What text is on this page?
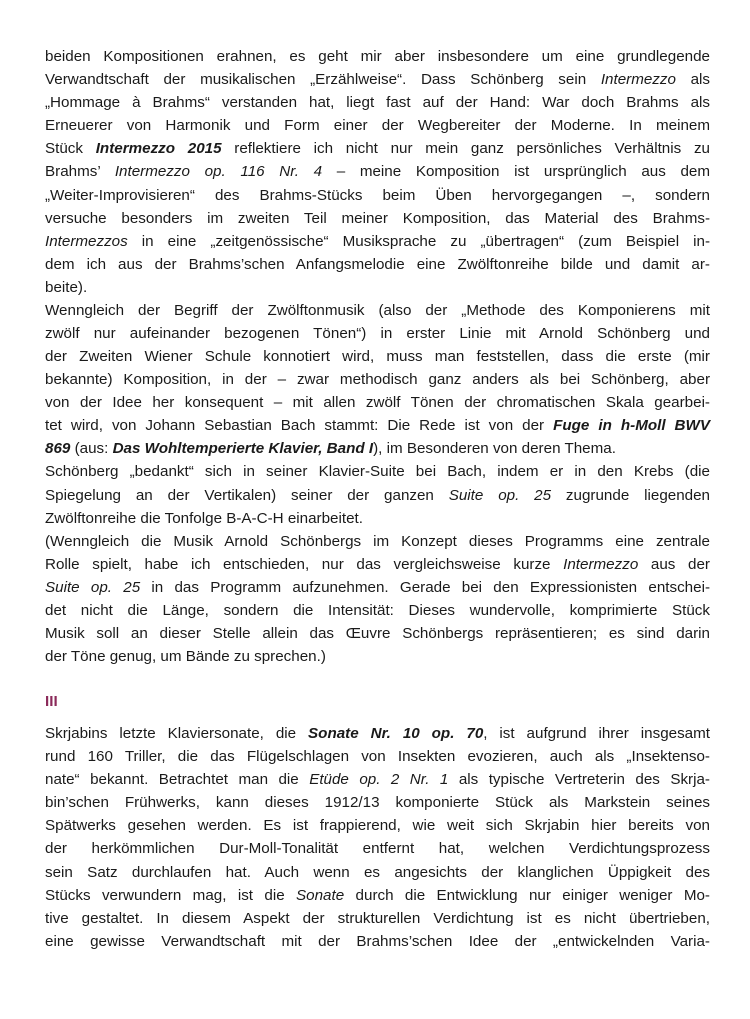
beiden Kompositionen erahnen, es geht mir aber insbesondere um eine grundlegende
Verwandtschaft der musikalischen „Erzählweise“. Dass Schönberg sein Intermezzo als
„Hommage à Brahms“ verstanden hat, liegt fast auf der Hand: War doch Brahms als
Erneuerer von Harmonik und Form einer der Wegbereiter der Moderne. In meinem
Stück Intermezzo 2015 reflektiere ich nicht nur mein ganz persönliches Verhältnis zu
Brahms’ Intermezzo op. 116 Nr. 4 – meine Komposition ist ursprünglich aus dem
„Weiter-Improvisieren“ des Brahms-Stücks beim Üben hervorgegangen –, sondern
versuche besonders im zweiten Teil meiner Komposition, das Material des Brahms-
Intermezzos in eine „zeitgenössische“ Musiksprache zu „übertragen“ (zum Beispiel in-
dem ich aus der Brahms’schen Anfangsmelodie eine Zwölftonreihe bilde und damit ar-
beite).
Wenngleich der Begriff der Zwölftonmusik (also der „Methode des Komponierens mit
zwölf nur aufeinander bezogenen Tönen“) in erster Linie mit Arnold Schönberg und
der Zweiten Wiener Schule konnotiert wird, muss man feststellen, dass die erste (mir
bekannte) Komposition, in der – zwar methodisch ganz anders als bei Schönberg, aber
von der Idee her konsequent – mit allen zwölf Tönen der chromatischen Skala gearbei-
tet wird, von Johann Sebastian Bach stammt: Die Rede ist von der Fuge in h-Moll BWV
869 (aus: Das Wohltemperierte Klavier, Band I), im Besonderen von deren Thema.
Schönberg „bedankt“ sich in seiner Klavier-Suite bei Bach, indem er in den Krebs (die
Spiegelung an der Vertikalen) seiner der ganzen Suite op. 25 zugrunde liegenden
Zwölftonreihe die Tonfolge B-A-C-H einarbeitet.
(Wenngleich die Musik Arnold Schönbergs im Konzept dieses Programms eine zentrale
Rolle spielt, habe ich entschieden, nur das vergleichsweise kurze Intermezzo aus der
Suite op. 25 in das Programm aufzunehmen. Gerade bei den Expressionisten entschei-
det nicht die Länge, sondern die Intensität: Dieses wundervolle, komprimierte Stück
Musik soll an dieser Stelle allein das Œuvre Schönbergs repräsentieren; es sind darin
der Töne genug, um Bände zu sprechen.)
Skrjabins letzte Klaviersonate, die Sonate Nr. 10 op. 70, ist aufgrund ihrer insgesamt
rund 160 Triller, die das Flügelschlagen von Insekten evozieren, auch als „Insektenso-
nate“ bekannt. Betrachtet man die Etüde op. 2 Nr. 1 als typische Vertreterin des Skrja-
bin’schen Frühwerks, kann dieses 1912/13 komponierte Stück als Markstein seines
Spätwerks gesehen werden. Es ist frappierend, wie weit sich Skrjabin hier bereits von
der herkömmlichen Dur-Moll-Tonalität entfernt hat, welchen Verdichtungsprozess
sein Satz durchlaufen hat. Auch wenn es angesichts der klanglichen Üppigkeit des
Stücks verwundern mag, ist die Sonate durch die Entwicklung nur einiger weniger Mo-
tive gestaltet. In diesem Aspekt der strukturellen Verdichtung ist es nicht übertrieben,
eine gewisse Verwandtschaft mit der Brahms’schen Idee der „entwickelnden Varia-
III
